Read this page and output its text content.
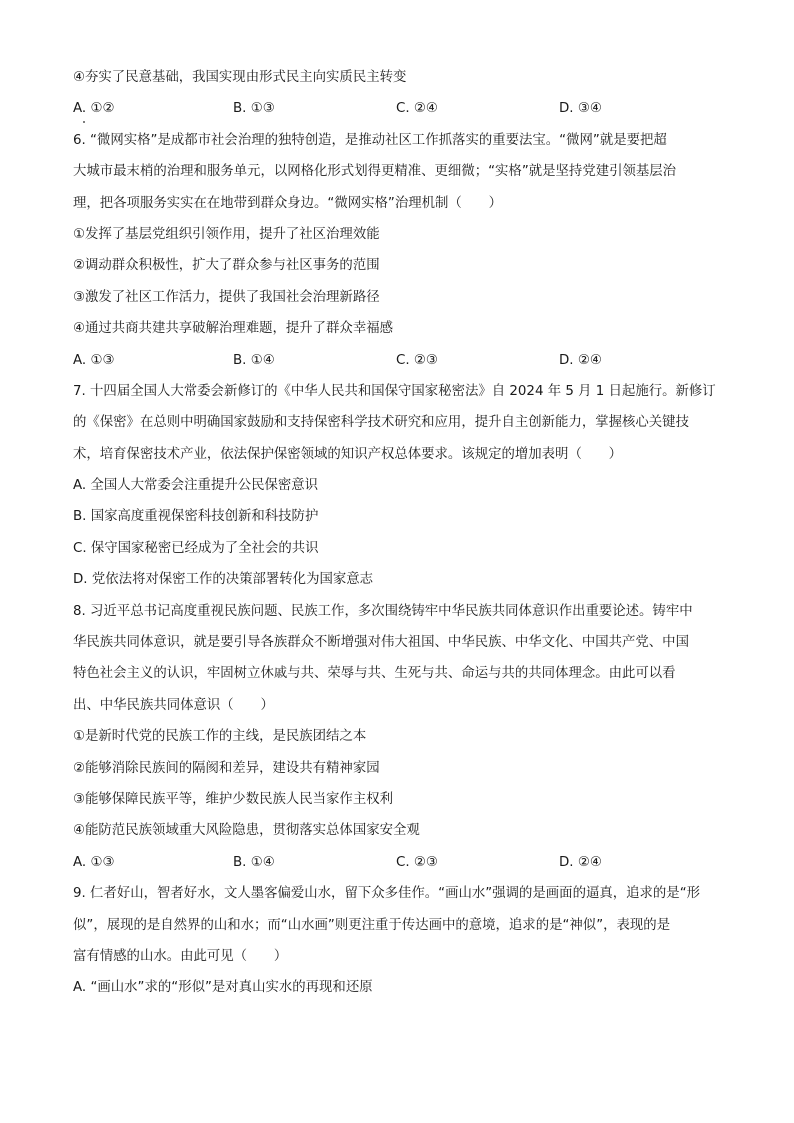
④夯实了民意基础，我国实现由形式民主向实质民主转变
A. ①②	B. ①③	C. ②④	D. ③④
6. “微网实格”是成都市社会治理的独特创造，是推动社区工作抓落实的重要法宝。“微网”就是要把超
大城市最末梢的治理和服务单元，以网格化形式划得更精准、更细微；“实格”就是坚持党建引领基层治
理，把各项服务实实在在地带到群众身边。“微网实格”治理机制（　　）
①发挥了基层党组织引领作用，提升了社区治理效能
②调动群众积极性，扩大了群众参与社区事务的范围
③激发了社区工作活力，提供了我国社会治理新路径
④通过共商共建共享破解治理难题，提升了群众幸福感
A. ①③	B. ①④	C. ②③	D. ②④
7. 十四届全国人大常委会新修订的《中华人民共和国保守国家秘密法》自 2024 年 5 月 1 日起施行。新修订
的《保密》在总则中明确国家鼓励和支持保密科学技术研究和应用，提升自主创新能力，掌握核心关键技
术，培育保密技术产业，依法保护保密领域的知识产权总体要求。该规定的增加表明（　　）
A. 全国人大常委会注重提升公民保密意识
B. 国家高度重视保密科技创新和科技防护
C. 保守国家秘密已经成为了全社会的共识
D. 党依法将对保密工作的决策部署转化为国家意志
8. 习近平总书记高度重视民族问题、民族工作，多次围绕铸牢中华民族共同体意识作出重要论述。铸牢中
华民族共同体意识，就是要引导各族群众不断增强对伟大祖国、中华民族、中华文化、中国共产党、中国
特色社会主义的认识，牢固树立休戚与共、荣辱与共、生死与共、命运与共的共同体理念。由此可以看
出、中华民族共同体意识（　　）
①是新时代党的民族工作的主线，是民族团结之本
②能够消除民族间的隔阂和差异，建设共有精神家园
③能够保障民族平等，维护少数民族人民当家作主权利
④能防范民族领域重大风险隐患，贯彻落实总体国家安全观
A. ①③	B. ①④	C. ②③	D. ②④
9. 仁者好山，智者好水，文人墨客偏爱山水，留下众多佳作。“画山水”强调的是画面的逼真，追求的是“形
似”，展现的是自然界的山和水；而“山水画”则更注重于传达画中的意境，追求的是“神似”，表现的是
富有情感的山水。由此可见（　　）
A. “画山水”求的“形似”是对真山实水的再现和还原
